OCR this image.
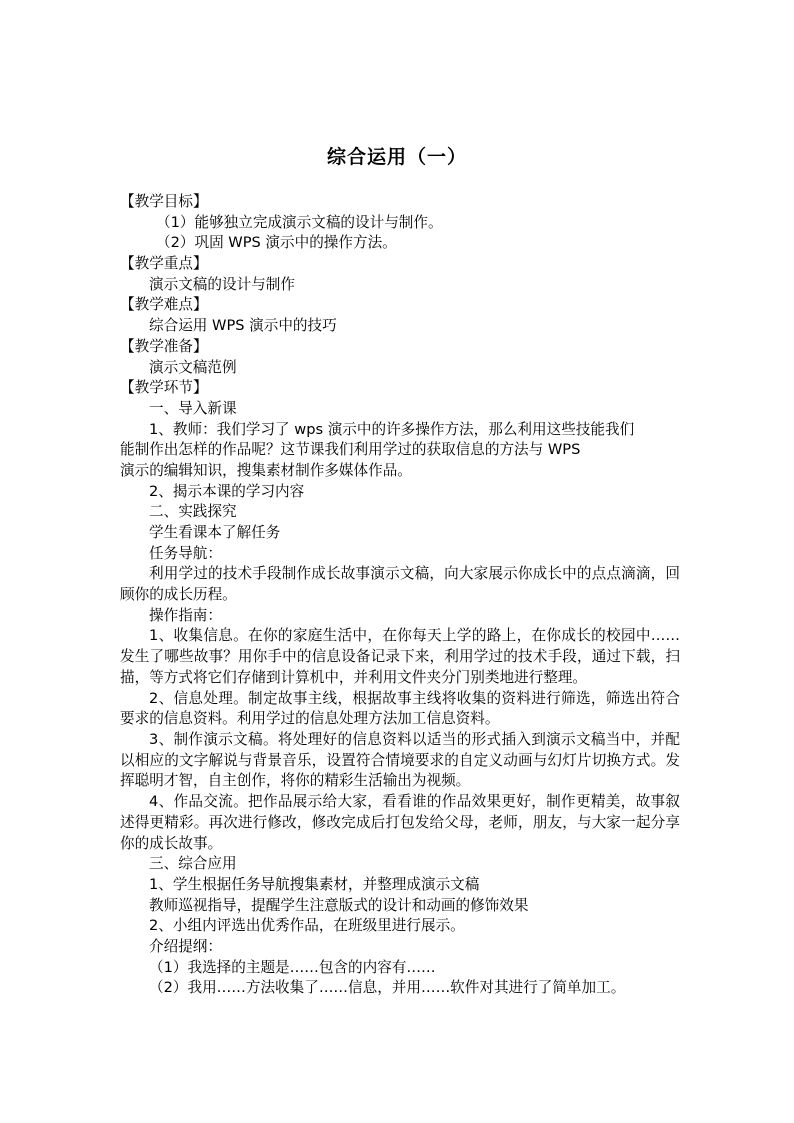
综合运用（一）
【教学目标】
（1）能够独立完成演示文稿的设计与制作。
（2）巩固 WPS 演示中的操作方法。
【教学重点】
演示文稿的设计与制作
【教学难点】
综合运用 WPS 演示中的技巧
【教学准备】
演示文稿范例
【教学环节】
一、导入新课
1、教师：我们学习了 wps 演示中的许多操作方法，那么利用这些技能我们
能制作出怎样的作品呢？这节课我们利用学过的获取信息的方法与 WPS
演示的编辑知识，搜集素材制作多媒体作品。
2、揭示本课的学习内容
二、实践探究
学生看课本了解任务
任务导航：
利用学过的技术手段制作成长故事演示文稿，向大家展示你成长中的点点滴滴，回顾你的成长历程。
操作指南：
1、收集信息。在你的家庭生活中，在你每天上学的路上，在你成长的校园中……发生了哪些故事？用你手中的信息设备记录下来，利用学过的技术手段，通过下载，扫描，等方式将它们存储到计算机中，并利用文件夹分门别类地进行整理。
2、信息处理。制定故事主线，根据故事主线将收集的资料进行筛选，筛选出符合要求的信息资料。利用学过的信息处理方法加工信息资料。
3、制作演示文稿。将处理好的信息资料以适当的形式插入到演示文稿当中，并配以相应的文字解说与背景音乐，设置符合情境要求的自定义动画与幻灯片切换方式。发挥聪明才智，自主创作，将你的精彩生活输出为视频。
4、作品交流。把作品展示给大家，看看谁的作品效果更好，制作更精美，故事叙述得更精彩。再次进行修改，修改完成后打包发给父母，老师，朋友，与大家一起分享你的成长故事。
三、综合应用
1、学生根据任务导航搜集素材，并整理成演示文稿
教师巡视指导，提醒学生注意版式的设计和动画的修饰效果
2、小组内评选出优秀作品，在班级里进行展示。
介绍提纲：
（1）我选择的主题是……包含的内容有……
（2）我用……方法收集了……信息，并用……软件对其进行了简单加工。
